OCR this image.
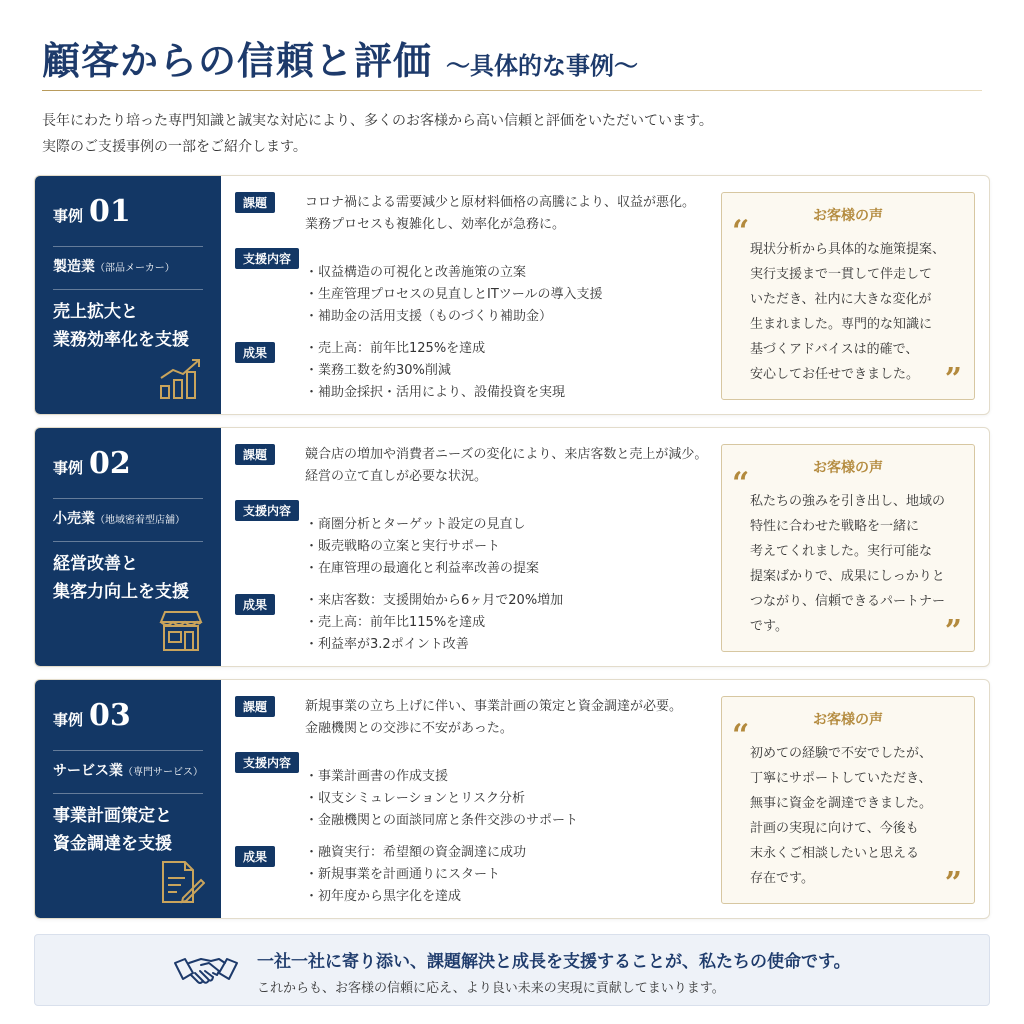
顧客からの信頼と評価 〜具体的な事例〜
長年にわたり培った専門知識と誠実な対応により、多くのお客様から高い信頼と評価をいただいています。
実際のご支援事例の一部をご紹介します。
事例 01
製造業（部品メーカー）
売上拡大と
業務効率化を支援
課題	コロナ禍による需要減少と原材料価格の高騰により、収益が悪化。
業務プロセスも複雑化し、効率化が急務に。
支援内容
・ 収益構造の可視化と改善施策の立案
・ 生産管理プロセスの見直しとITツールの導入支援
・ 補助金の活用支援（ものづくり補助金）
成果	・ 売上高：前年比125%を達成
・ 業務工数を約30%削減
・ 補助金採択・活用により、設備投資を実現
お客様の声
“
現状分析から具体的な施策提案、
実行支援まで一貫して伴走して
いただき、社内に大きな変化が
生まれました。専門的な知識に
基づくアドバイスは的確で、
安心してお任せできました。 ”
事例 02
小売業（地域密着型店舗）
経営改善と
集客力向上を支援
課題	競合店の増加や消費者ニーズの変化により、来店客数と売上が減少。
経営の立て直しが必要な状況。
支援内容
・ 商圏分析とターゲット設定の見直し
・ 販売戦略の立案と実行サポート
・ 在庫管理の最適化と利益率改善の提案
成果	・ 来店客数：支援開始から6ヶ月で20%増加
・ 売上高：前年比115%を達成
・ 利益率が3.2ポイント改善
お客様の声
“
私たちの強みを引き出し、地域の
特性に合わせた戦略を一緒に
考えてくれました。実行可能な
提案ばかりで、成果にしっかりと
つながり、信頼できるパートナー
です。	”
事例 03
サービス業（専門サービス）
事業計画策定と
資金調達を支援
課題	新規事業の立ち上げに伴い、事業計画の策定と資金調達が必要。
金融機関との交渉に不安があった。
支援内容
・ 事業計画書の作成支援
・ 収支シミュレーションとリスク分析
・ 金融機関との面談同席と条件交渉のサポート
成果	・ 融資実行：希望額の資金調達に成功
・ 新規事業を計画通りにスタート
・ 初年度から黒字化を達成
お客様の声
“
初めての経験で不安でしたが、
丁寧にサポートしていただき、
無事に資金を調達できました。
計画の実現に向けて、今後も
末永くご相談したいと思える
存在です。	”
一社一社に寄り添い、課題解決と成長を支援することが、私たちの使命です。
これからも、お客様の信頼に応え、より良い未来の実現に貢献してまいります。
